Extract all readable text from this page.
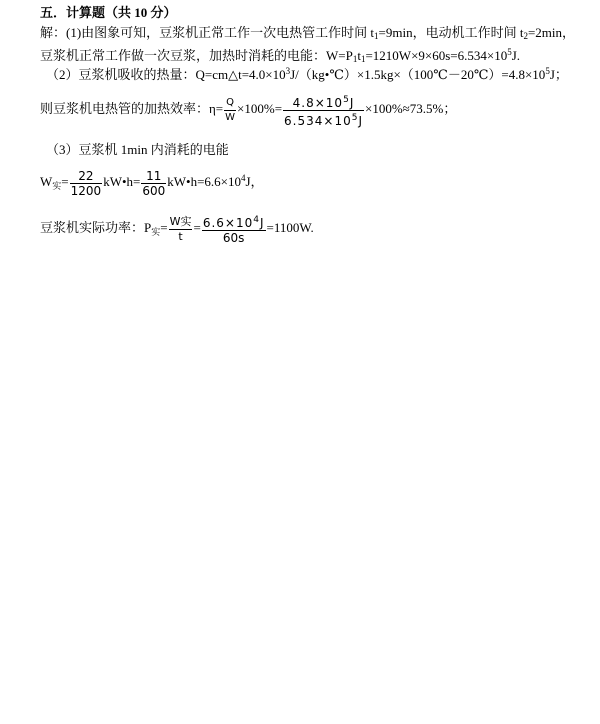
五．计算题（共 10 分）
解：(1)由图象可知，豆浆机正常工作一次电热管工作时间 $t_1=9\min$，电动机工作时间 $t_2=2\min$，
豆浆机正常工作做一次豆浆，加热时消耗的电能：$W=P_1t_1=1210W\times 9\times 60s=6.534\times 10^5J$.
（2）豆浆机吸收的热量：$Q=cm\triangle t=4.0\times 10^3J/(kg•℃)\times 1.5kg\times(100℃-20℃)=4.8\times 10^5J$；
则豆浆机电热管的加热效率：$\eta= \frac{Q}{W} \times 100\%= \frac{4.8\times 10^5J}{6.534\times 10^5J} \times 100\%\approx 73.5\%$；
（3）豆浆机 1min 内消耗的电能
$W_实= \frac{22}{1200}$ kW•h= $\frac{11}{600}$ $kW•h=6.6\times 10^4J$，
豆浆机实际功率：$P_实= \frac{\text{W实}}{t} = \frac{6.6\times 10^4J}{60s} =1100W$.
